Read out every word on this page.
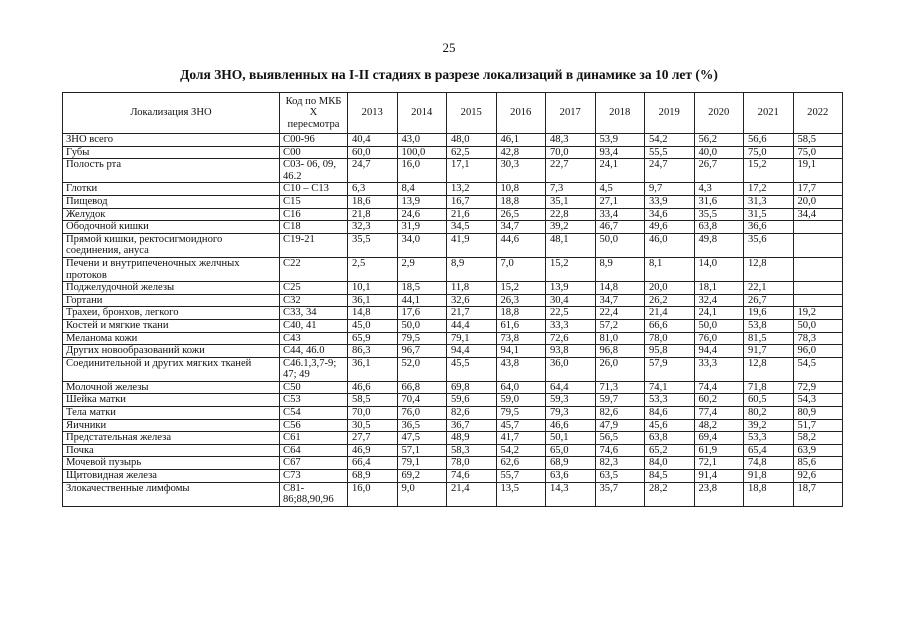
25
Доля ЗНО, выявленных на I-II стадиях в разрезе локализаций в динамике за 10 лет (%)
Локализация ЗНО	Код по МКБ X пересмотра	2013	2014	2015	2016	2017	2018	2019	2020	2021	2022
ЗНО всего	С00-96	40,4	43,0	48,0	46,1	48,3	53,9	54,2	56,2	56,6	58,5
Губы	С00	60,0	100,0	62,5	42,8	70,0	93,4	55,5	40,0	75,0	75,0
Полость рта	С03- 06, 09, 46.2	24,7	16,0	17,1	30,3	22,7	24,1	24,7	26,7	15,2	19,1
Глотки	С10 – С13	6,3	8,4	13,2	10,8	7,3	4,5	9,7	4,3	17,2	17,7
Пищевод	С15	18,6	13,9	16,7	18,8	35,1	27,1	33,9	31,6	31,3	20,0
Желудок	С16	21,8	24,6	21,6	26,5	22,8	33,4	34,6	35,5	31,5	34,4
Ободочной кишки	С18	32,3	31,9	34,5	34,7	39,2	46,7	49,6	63,8	36,6	
Прямой кишки, ректосигмоидного соединения, ануса	С19-21	35,5	34,0	41,9	44,6	48,1	50,0	46,0	49,8	35,6	
Печени и внутрипеченочных желчных протоков	С22	2,5	2,9	8,9	7,0	15,2	8,9	8,1	14,0	12,8	
Поджелудочной железы	С25	10,1	18,5	11,8	15,2	13,9	14,8	20,0	18,1	22,1	
Гортани	С32	36,1	44,1	32,6	26,3	30,4	34,7	26,2	32,4	26,7	
Трахеи, бронхов, легкого	С33, 34	14,8	17,6	21,7	18,8	22,5	22,4	21,4	24,1	19,6	19,2
Костей и мягкие ткани	С40, 41	45,0	50,0	44,4	61,6	33,3	57,2	66,6	50,0	53,8	50,0
Меланома кожи	С43	65,9	79,5	79,1	73,8	72,6	81,0	78,0	76,0	81,5	78,3
Других новообразований кожи	С44, 46.0	86,3	96,7	94,4	94,1	93,8	96,8	95,8	94,4	91,7	96,0
Соединительной и других мягких тканей	С46.1,3,7-9; 47; 49	36,1	52,0	45,5	43,8	36,0	26,0	57,9	33,3	12,8	54,5
Молочной железы	С50	46,6	66,8	69,8	64,0	64,4	71,3	74,1	74,4	71,8	72,9
Шейка матки	С53	58,5	70,4	59,6	59,0	59,3	59,7	53,3	60,2	60,5	54,3
Тела матки	С54	70,0	76,0	82,6	79,5	79,3	82,6	84,6	77,4	80,2	80,9
Яичники	С56	30,5	36,5	36,7	45,7	46,6	47,9	45,6	48,2	39,2	51,7
Предстательная железа	С61	27,7	47,5	48,9	41,7	50,1	56,5	63,8	69,4	53,3	58,2
Почка	С64	46,9	57,1	58,3	54,2	65,0	74,6	65,2	61,9	65,4	63,9
Мочевой пузырь	С67	66,4	79,1	78,0	62,6	68,9	82,3	84,0	72,1	74,8	85,6
Щитовидная железа	С73	68,9	69,2	74,6	55,7	63,6	63,5	84,5	91,4	91,8	92,6
Злокачественные лимфомы	С81-86;88,90,96	16,0	9,0	21,4	13,5	14,3	35,7	28,2	23,8	18,8	18,7
